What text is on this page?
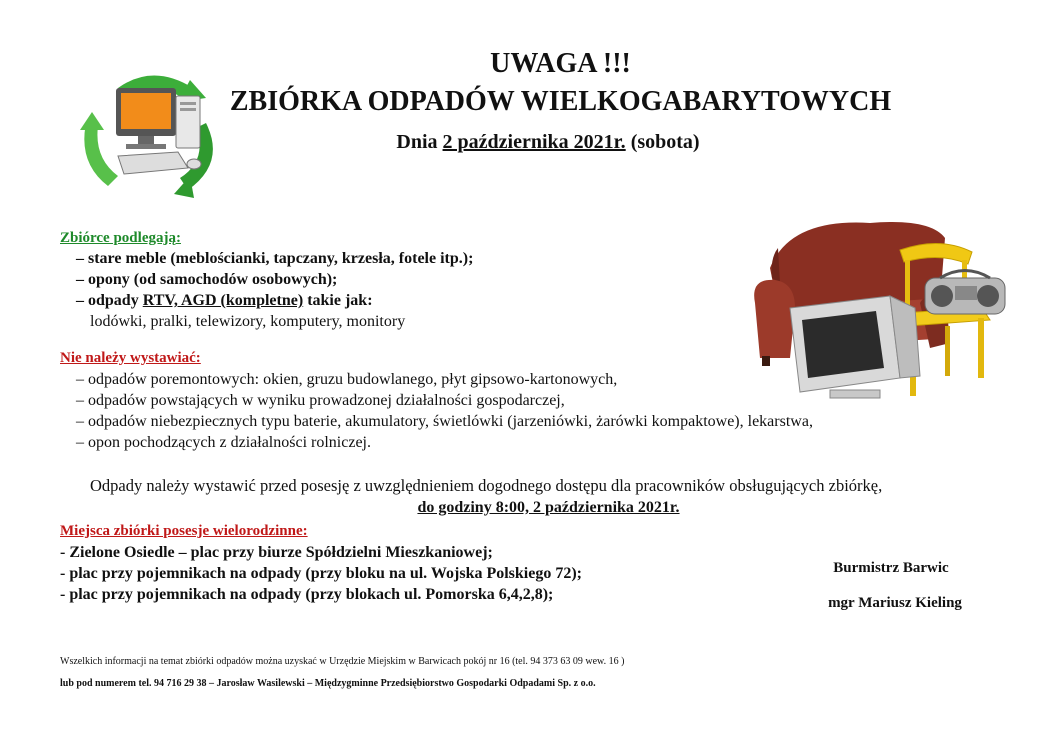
UWAGA !!!
ZBIÓRKA ODPADÓW WIELKOGABARYTOWYCH
Dnia 2 października 2021r. (sobota)
Zbiórce podlegają:
– stare meble (meblościanki, tapczany, krzesła, fotele itp.);
– opony (od samochodów osobowych);
– odpady RTV, AGD (kompletne) takie jak:
lodówki, pralki, telewizory, komputery, monitory
Nie należy wystawiać:
– odpadów poremontowych: okien, gruzu budowlanego, płyt gipsowo-kartonowych,
– odpadów powstających w wyniku prowadzonej działalności gospodarczej,
– odpadów niebezpiecznych typu baterie, akumulatory, świetlówki (jarzeniówki, żarówki kompaktowe), lekarstwa,
– opon pochodzących z działalności rolniczej.
Odpady należy wystawić przed posesję z uwzględnieniem dogodnego dostępu dla pracowników obsługujących zbiórkę,
do godziny 8:00, 2 października 2021r.
Miejsca zbiórki posesje wielorodzinne:
- Zielone Osiedle – plac przy biurze Spółdzielni Mieszkaniowej;
- plac przy pojemnikach na odpady (przy bloku na ul. Wojska Polskiego 72);
- plac przy pojemnikach na odpady (przy blokach ul. Pomorska 6,4,2,8);
Burmistrz Barwic
mgr Mariusz Kieling
Wszelkich informacji na temat zbiórki odpadów można uzyskać w Urzędzie Miejskim w Barwicach pokój nr 16 (tel. 94 373 63 09 wew. 16 )
lub pod numerem tel. 94 716 29 38 – Jarosław Wasilewski – Międzygminne Przedsiębiorstwo Gospodarki Odpadami Sp. z o.o.
